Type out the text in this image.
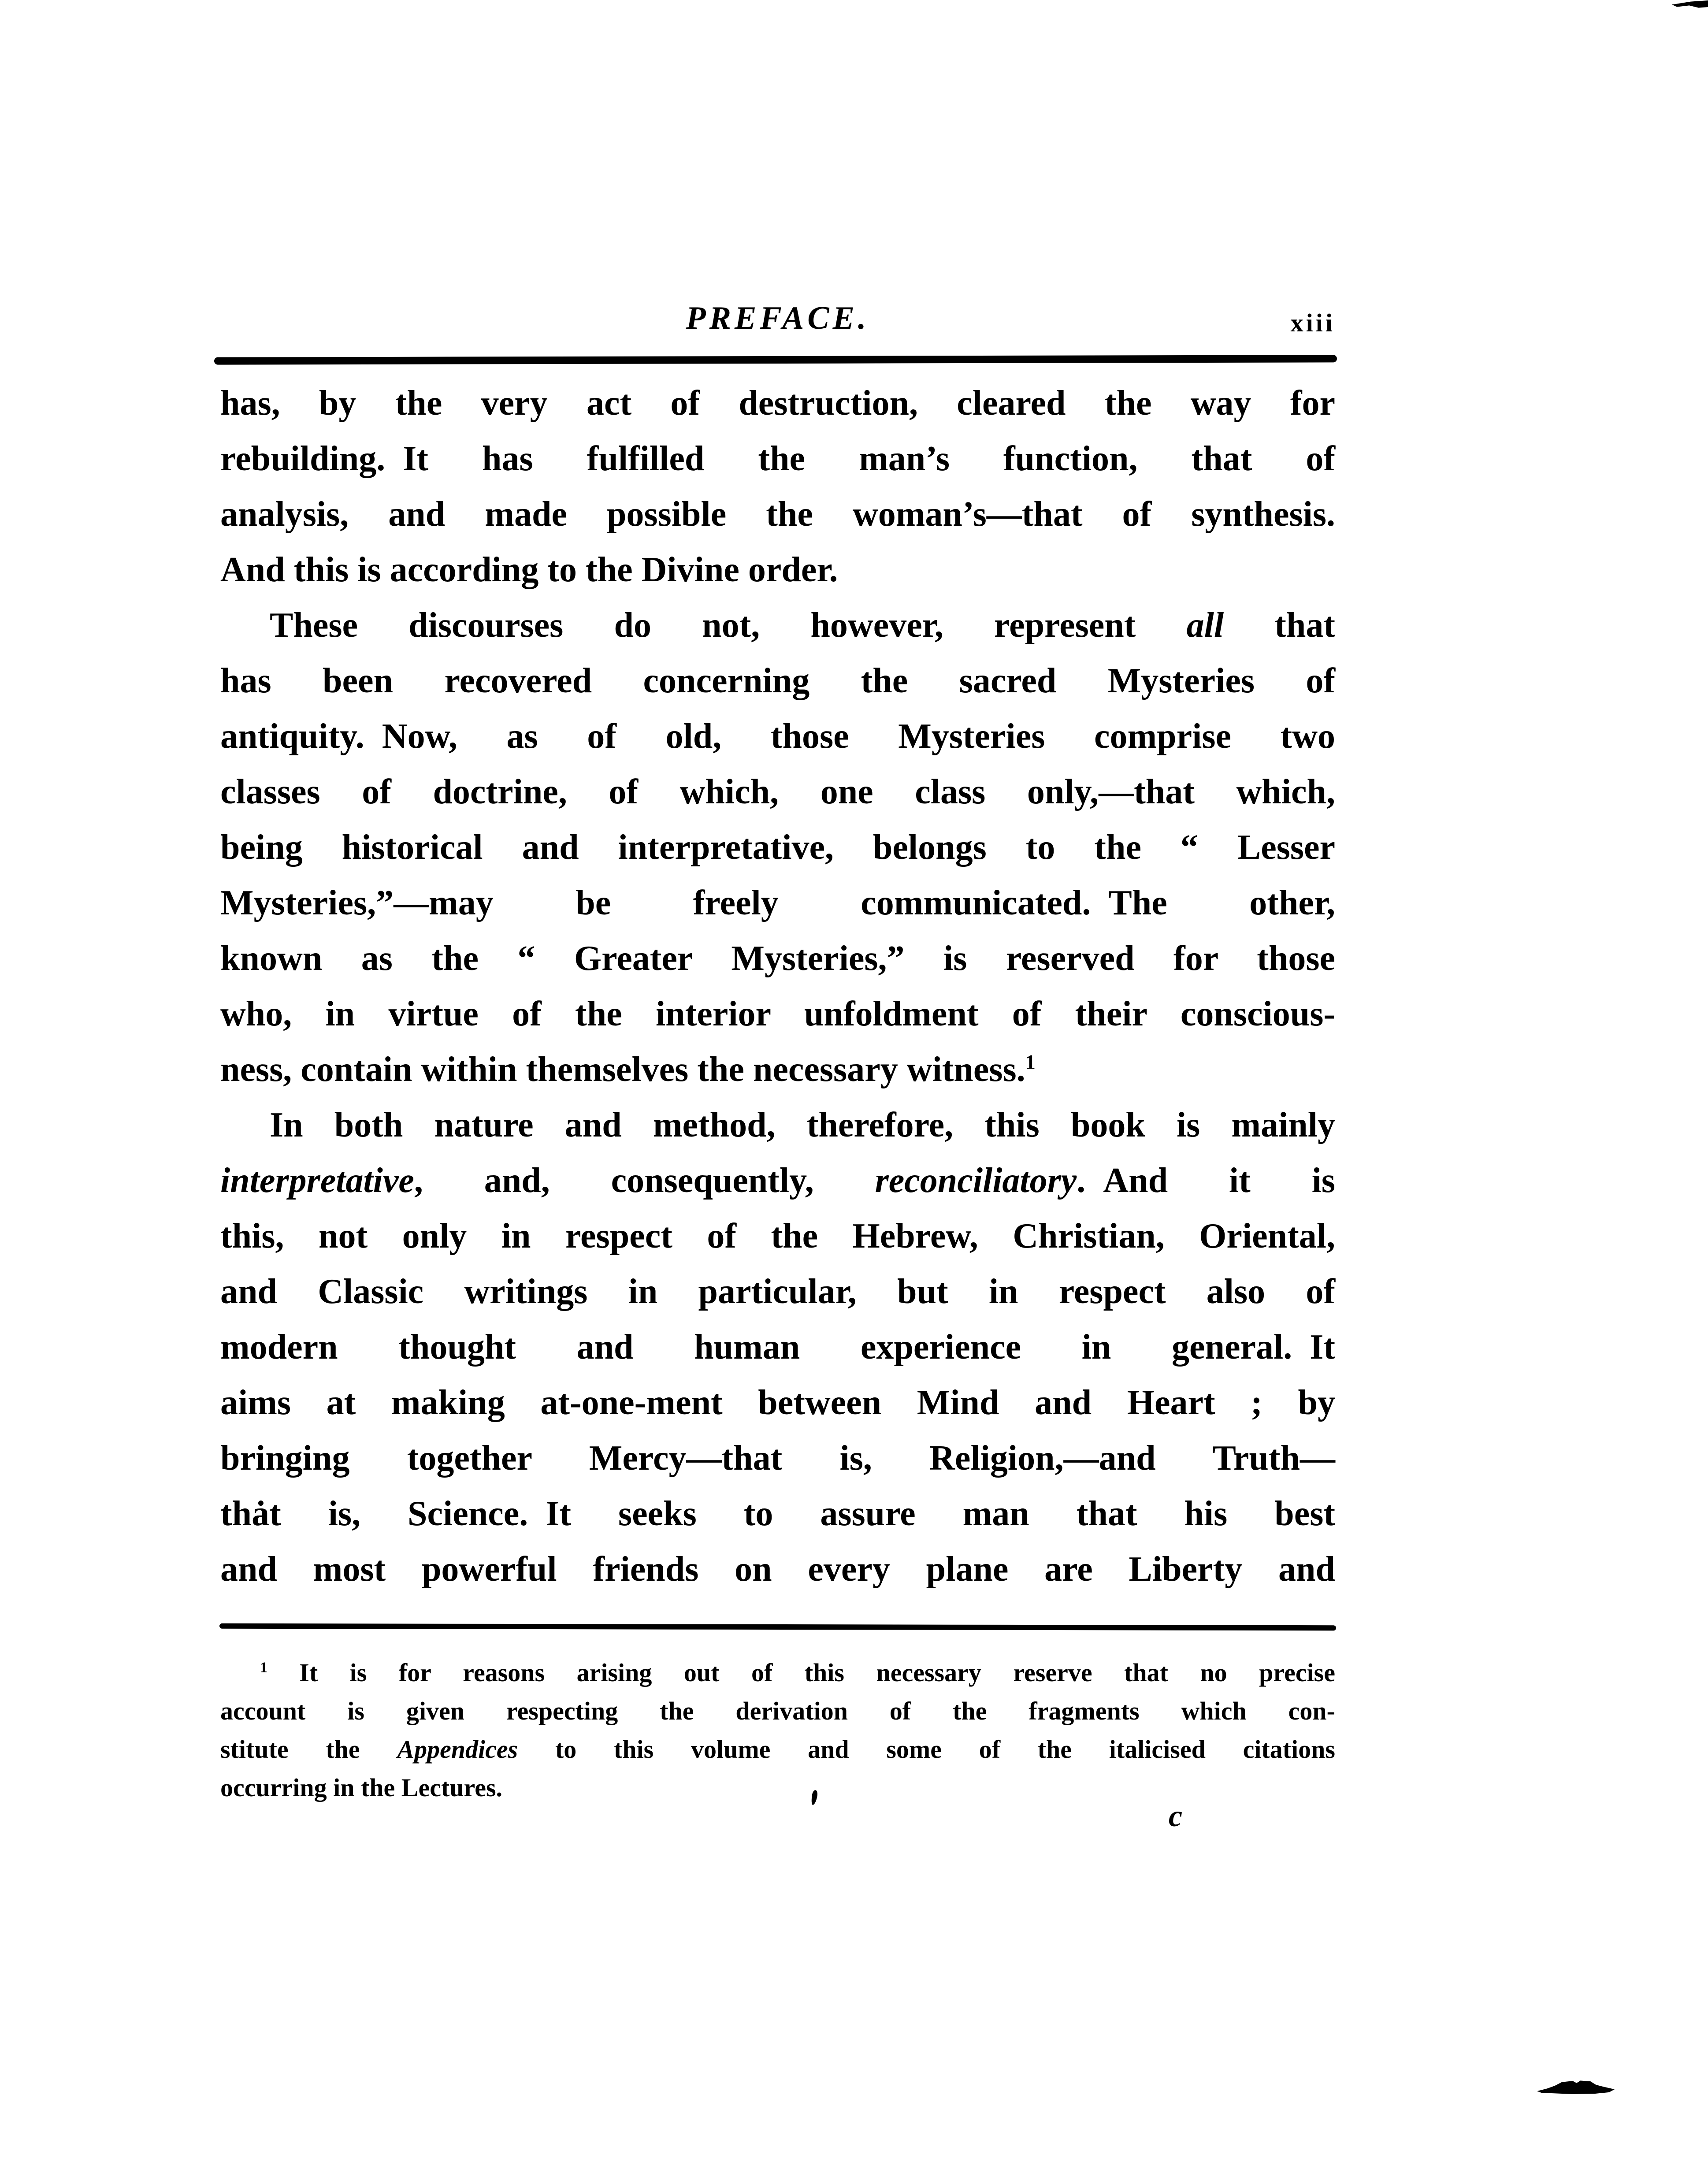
PREFACE.	xiii
has, by the very act of destruction, cleared the way for
rebuilding. It has fulfilled the man’s function, that of
analysis, and made possible the woman’s—that of synthesis.
And this is according to the Divine order.
These discourses do not, however, represent all that
has been recovered concerning the sacred Mysteries of
antiquity. Now, as of old, those Mysteries comprise two
classes of doctrine, of which, one class only,—that which,
being historical and interpretative, belongs to the “ Lesser
Mysteries,”—may be freely communicated. The other,
known as the “ Greater Mysteries,” is reserved for those
who, in virtue of the interior unfoldment of their conscious-
ness, contain within themselves the necessary witness.$^1$
In both nature and method, therefore, this book is mainly
interpretative, and, consequently, reconciliatory. And it is
this, not only in respect of the Hebrew, Christian, Oriental,
and Classic writings in particular, but in respect also of
modern thought and human experience in general. It
aims at making at-one-ment between Mind and Heart ; by
bringing together Mercy—that is, Religion,—and Truth—
thȧt is, Science. It seeks to assure man that his best
and most powerful friends on every plane are Liberty and
$^1$ It is for reasons arising out of this necessary reserve that no precise
account is given respecting the derivation of the fragments which con-
stitute the Appendices to this volume and some of the italicised citations
occurring in the Lectures.
c
